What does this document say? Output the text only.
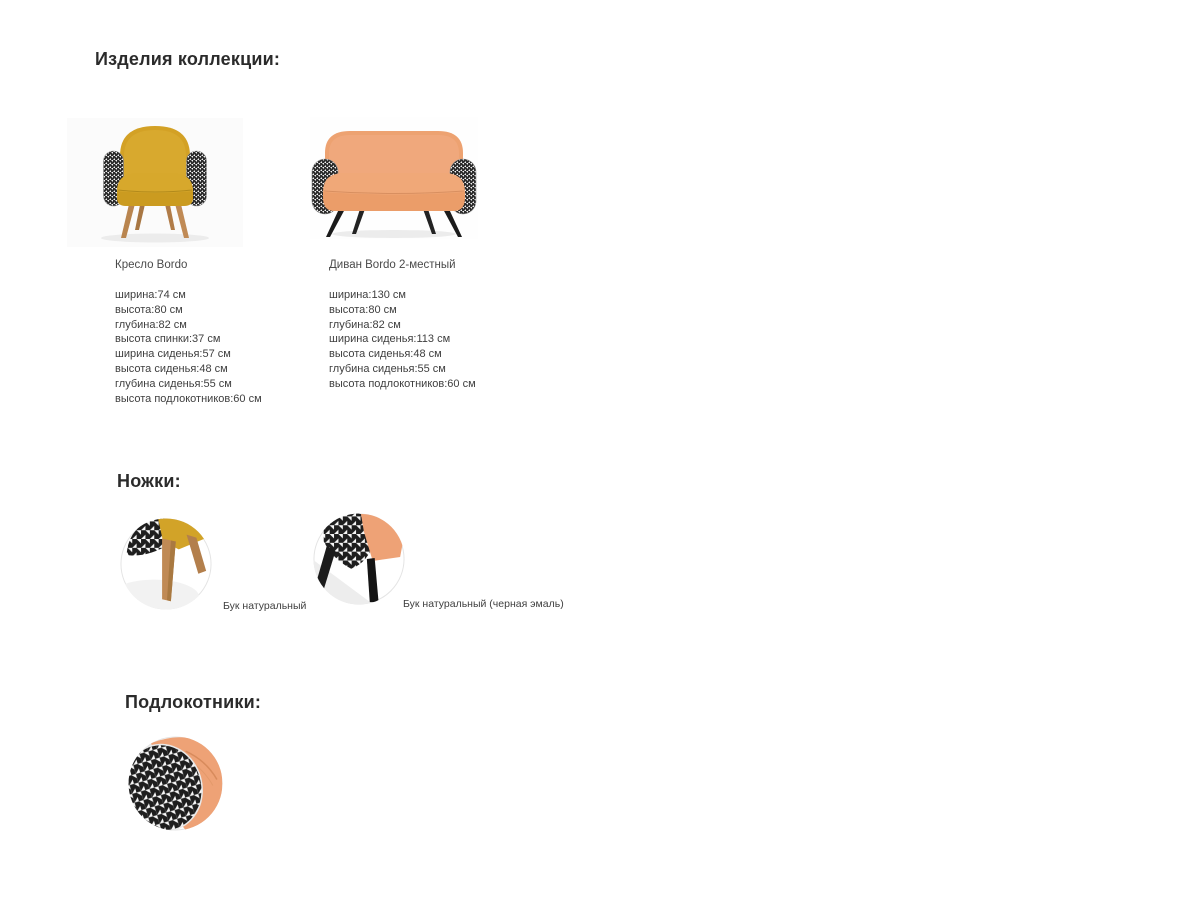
Изделия коллекции:
Кресло Bordo	Диван Bordo 2-местный
ширина:74 см
высота:80 см
глубина:82 см
высота спинки:37 см
ширина сиденья:57 см
высота сиденья:48 см
глубина сиденья:55 см
высота подлокотников:60 см
ширина:130 см
высота:80 см
глубина:82 см
ширина сиденья:113 см
высота сиденья:48 см
глубина сиденья:55 см
высота подлокотников:60 см
Ножки:
Бук натуральный	Бук натуральный (черная эмаль)
Подлокотники:
